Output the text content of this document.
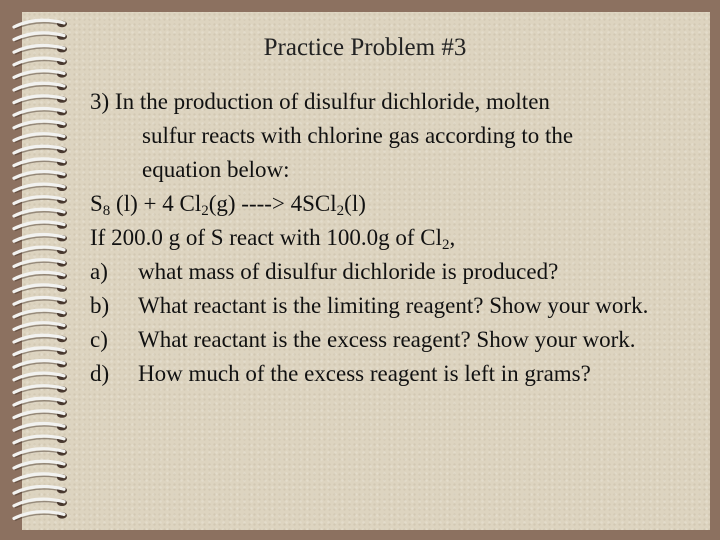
Practice Problem #3
3) In the production of disulfur dichloride, molten
sulfur reacts with chlorine gas according to the
equation below:
$S_8$ (l) + 4 $Cl_2(g)$ ----> 4SCl$_2$(l)
If 200.0 g of S react with 100.0g of $Cl_2$,
a)	what mass of disulfur dichloride is produced?
b)	What reactant is the limiting reagent? Show your work.
c)	What reactant is the excess reagent? Show your work.
d)	How much of the excess reagent is left in grams?
